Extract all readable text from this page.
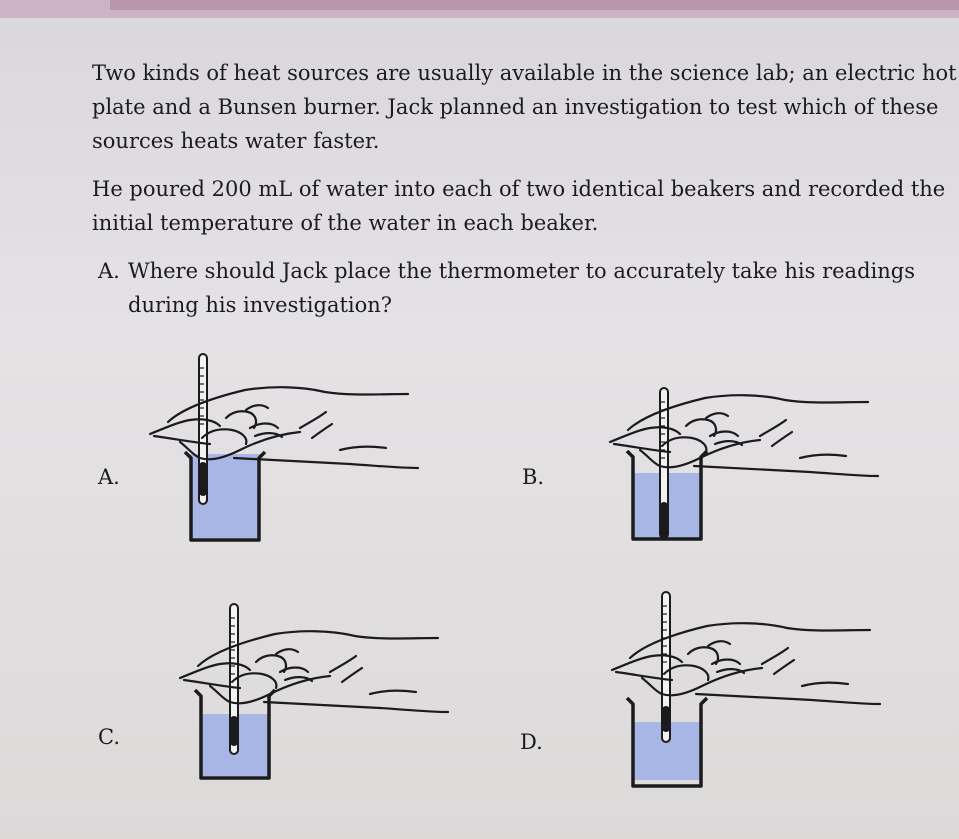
Two kinds of heat sources are usually available in the science lab; an electric hot
plate and a Bunsen burner. Jack planned an investigation to test which of these
sources heats water faster.

He poured 200 mL of water into each of two identical beakers and recorded the
initial temperature of the water in each beaker.

A. Where should Jack place the thermometer to accurately take his readings
during his investigation?
A.	B.
C.	D.
